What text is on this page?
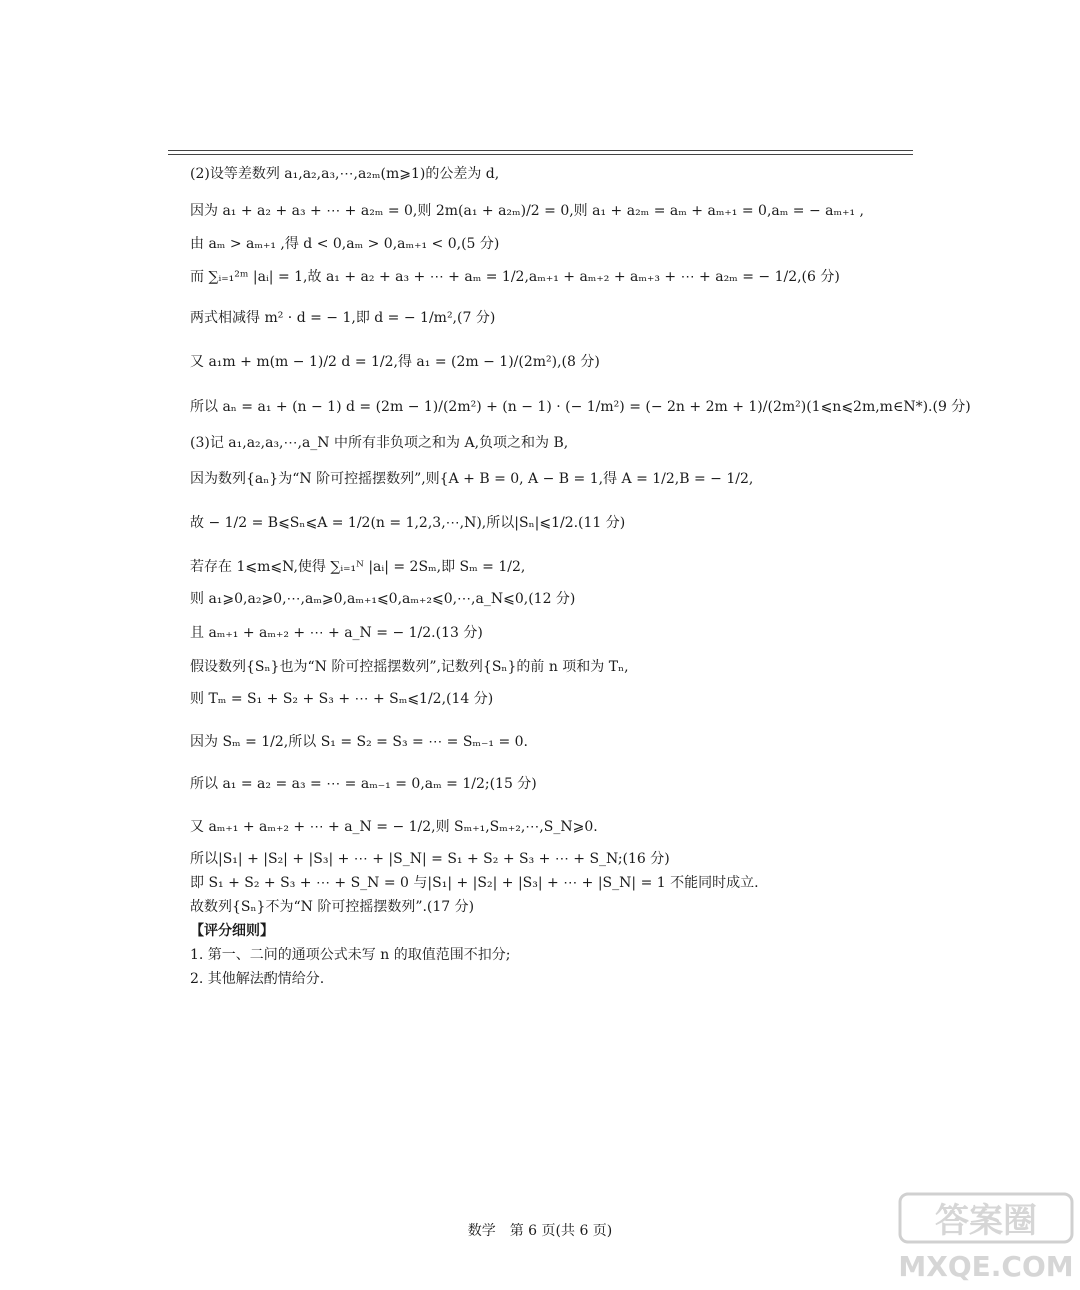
(2)设等差数列 a₁,a₂,a₃,⋯,a₂ₘ(m⩾1)的公差为 d,
因为 a₁ + a₂ + a₃ + ⋯ + a₂ₘ = 0,则 2m(a₁ + a₂ₘ)/2 = 0,则 a₁ + a₂ₘ = aₘ + aₘ₊₁ = 0,aₘ = − aₘ₊₁ ,
由 aₘ > aₘ₊₁ ,得 d < 0,aₘ > 0,aₘ₊₁ < 0,(5 分)
而 ∑ᵢ₌₁²ᵐ |aᵢ| = 1,故 a₁ + a₂ + a₃ + ⋯ + aₘ = 1/2,aₘ₊₁ + aₘ₊₂ + aₘ₊₃ + ⋯ + a₂ₘ = − 1/2,(6 分)
两式相减得 m² · d = − 1,即 d = − 1/m²,(7 分)
又 a₁m + m(m − 1)/2 d = 1/2,得 a₁ = (2m − 1)/(2m²),(8 分)
所以 aₙ = a₁ + (n − 1) d = (2m − 1)/(2m²) + (n − 1) · (− 1/m²) = (− 2n + 2m + 1)/(2m²)(1⩽n⩽2m,m∈N*).(9 分)
(3)记 a₁,a₂,a₃,⋯,a_N 中所有非负项之和为 A,负项之和为 B,
因为数列{aₙ}为“N 阶可控摇摆数列”,则{A + B = 0, A − B = 1,得 A = 1/2,B = − 1/2,
故 − 1/2 = B⩽Sₙ⩽A = 1/2(n = 1,2,3,⋯,N),所以|Sₙ|⩽1/2.(11 分)
若存在 1⩽m⩽N,使得 ∑ᵢ₌₁ᴺ |aᵢ| = 2Sₘ,即 Sₘ = 1/2,
则 a₁⩾0,a₂⩾0,⋯,aₘ⩾0,aₘ₊₁⩽0,aₘ₊₂⩽0,⋯,a_N⩽0,(12 分)
且 aₘ₊₁ + aₘ₊₂ + ⋯ + a_N = − 1/2.(13 分)
假设数列{Sₙ}也为“N 阶可控摇摆数列”,记数列{Sₙ}的前 n 项和为 Tₙ,
则 Tₘ = S₁ + S₂ + S₃ + ⋯ + Sₘ⩽1/2,(14 分)
因为 Sₘ = 1/2,所以 S₁ = S₂ = S₃ = ⋯ = Sₘ₋₁ = 0.
所以 a₁ = a₂ = a₃ = ⋯ = aₘ₋₁ = 0,aₘ = 1/2;(15 分)
又 aₘ₊₁ + aₘ₊₂ + ⋯ + a_N = − 1/2,则 Sₘ₊₁,Sₘ₊₂,⋯,S_N⩾0.
所以|S₁| + |S₂| + |S₃| + ⋯ + |S_N| = S₁ + S₂ + S₃ + ⋯ + S_N;(16 分)
即 S₁ + S₂ + S₃ + ⋯ + S_N = 0 与|S₁| + |S₂| + |S₃| + ⋯ + |S_N| = 1 不能同时成立.
故数列{Sₙ}不为“N 阶可控摇摆数列”.(17 分)
【评分细则】
1. 第一、二问的通项公式未写 n 的取值范围不扣分;
2. 其他解法酌情给分.
数学　第 6 页(共 6 页)	答案圈
MXQE.COM
